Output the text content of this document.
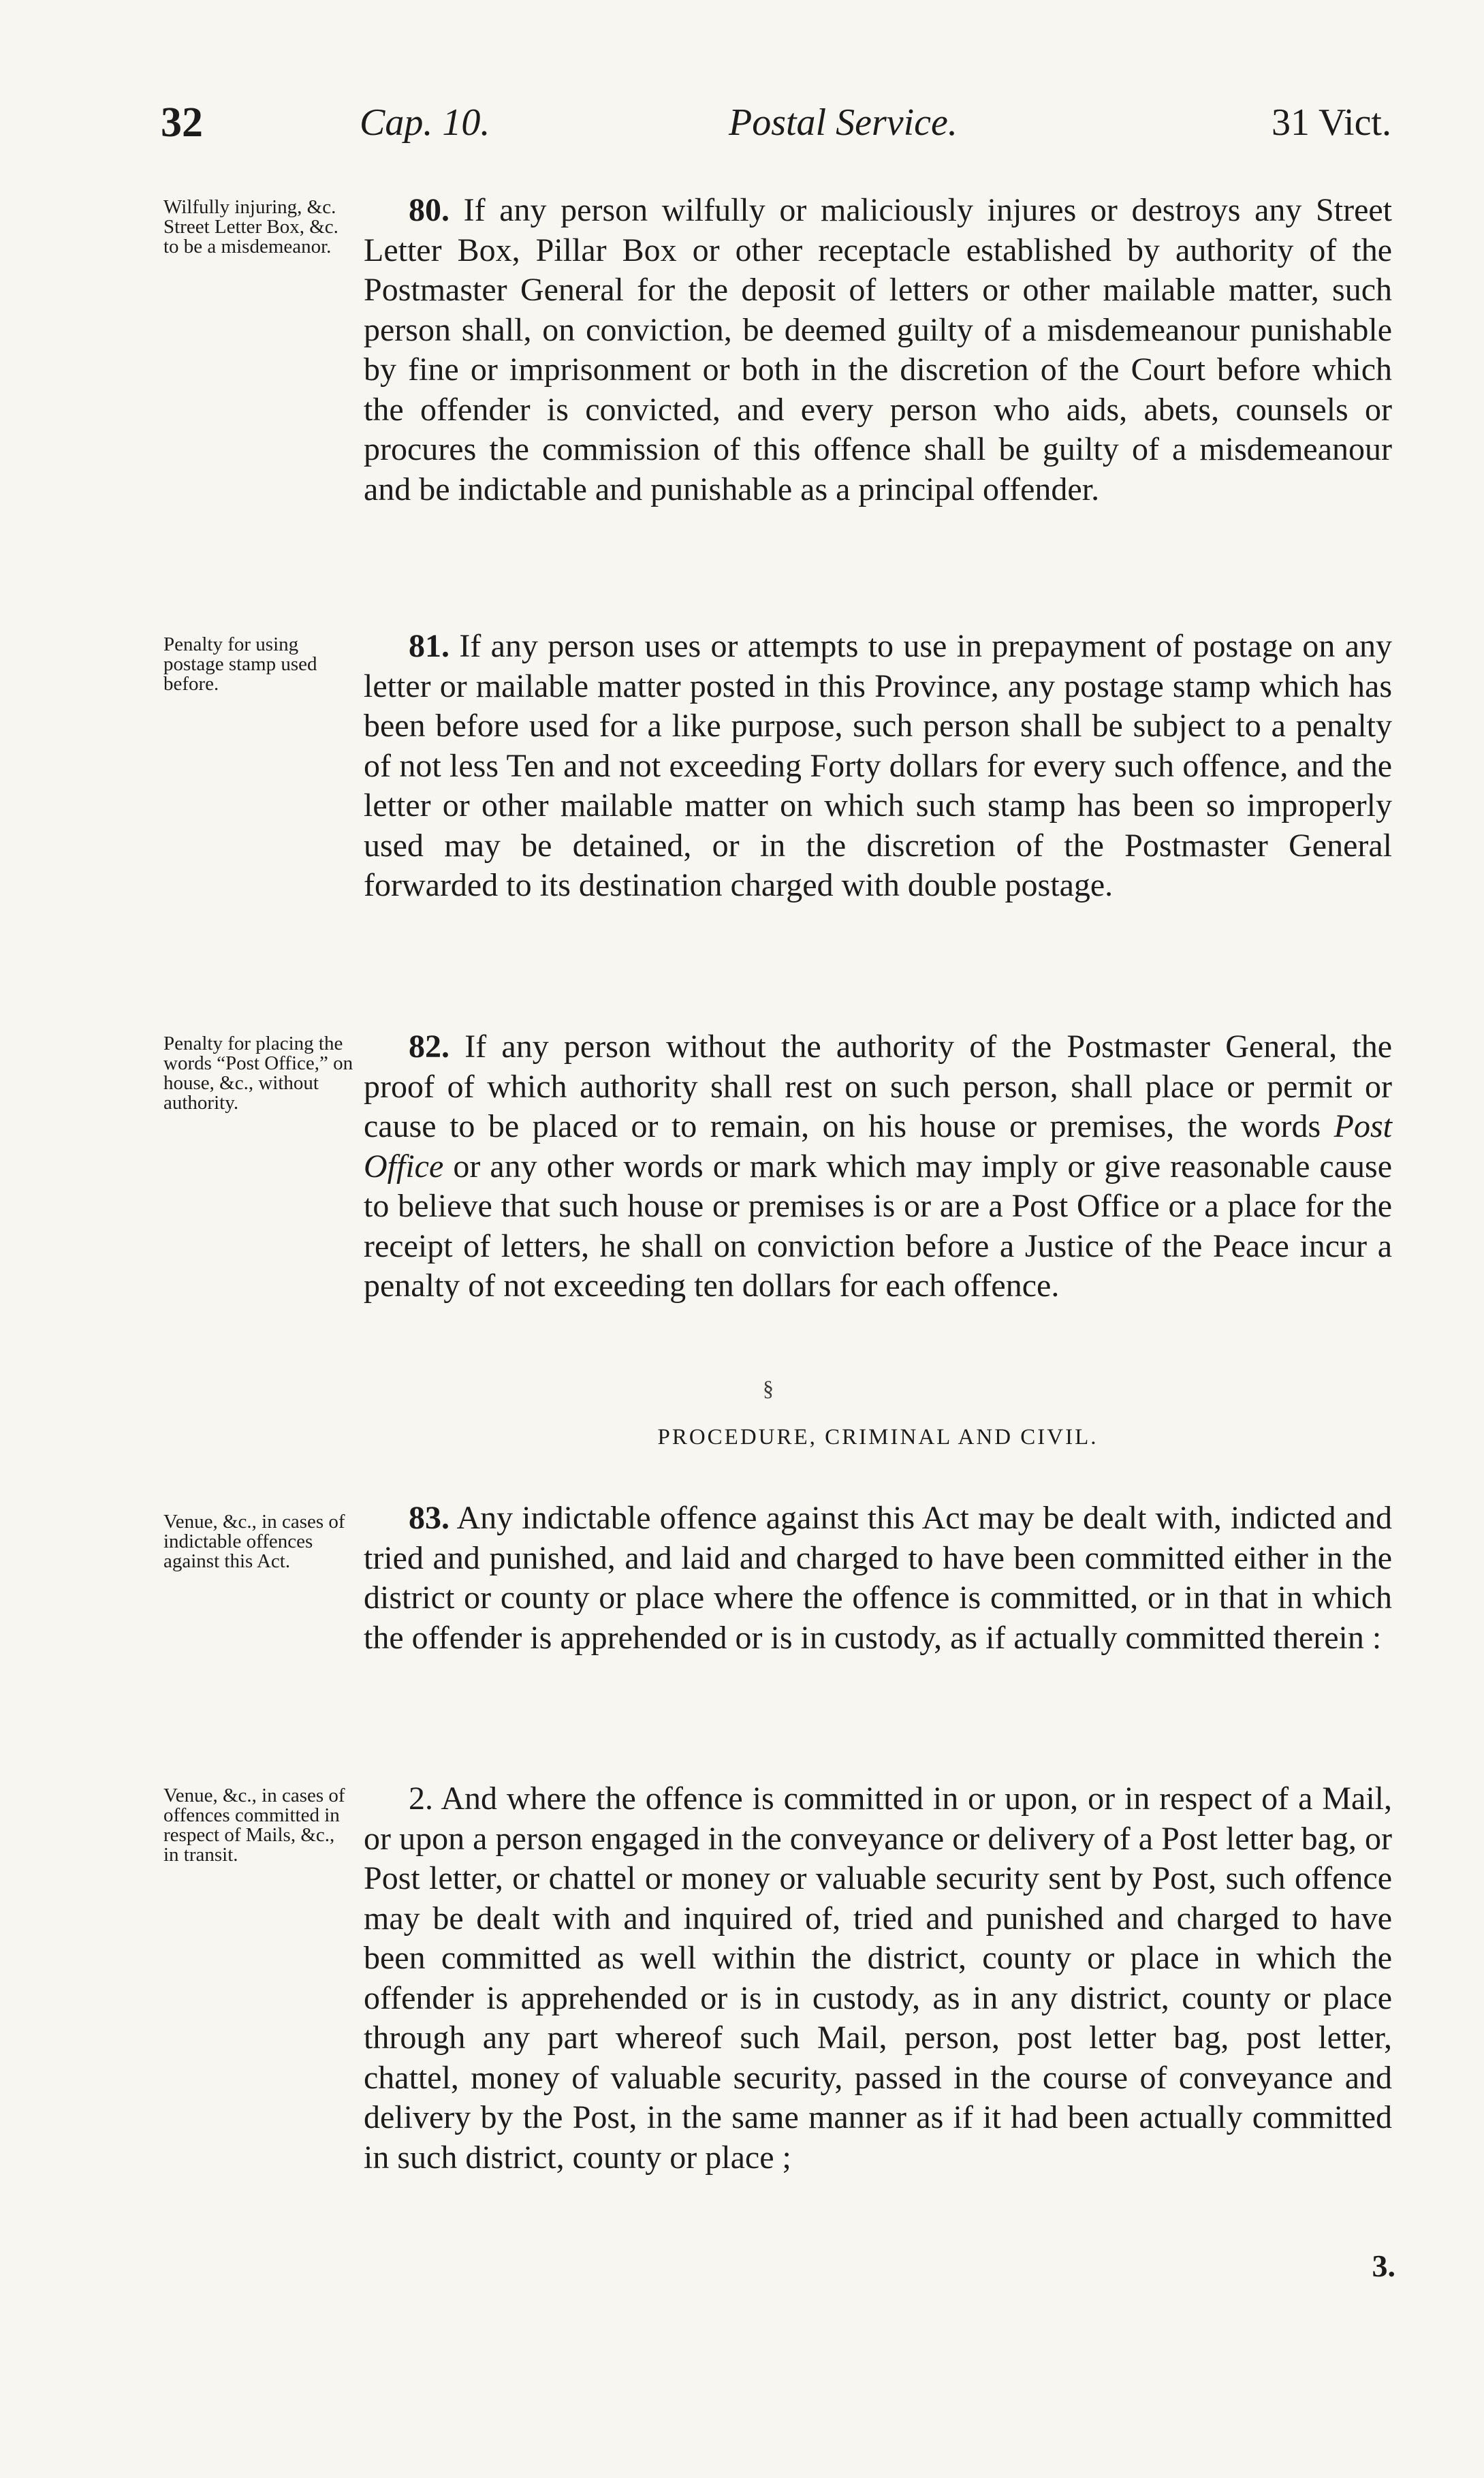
32	Cap. 10.	Postal Service.	31 Vict.
Wilfully injuring, &c. Street Letter Box, &c. to be a misdemeanor.
80. If any person wilfully or maliciously injures or destroys any Street Letter Box, Pillar Box or other receptacle established by authority of the Postmaster General for the deposit of letters or other mailable matter, such person shall, on conviction, be deemed guilty of a misdemeanour punishable by fine or imprisonment or both in the discretion of the Court before which the offender is convicted, and every person who aids, abets, counsels or procures the commission of this offence shall be guilty of a misdemeanour and be indictable and punishable as a principal offender.
Penalty for using postage stamp used before.
81. If any person uses or attempts to use in prepayment of postage on any letter or mailable matter posted in this Province, any postage stamp which has been before used for a like purpose, such person shall be subject to a penalty of not less Ten and not exceeding Forty dollars for every such offence, and the letter or other mailable matter on which such stamp has been so improperly used may be detained, or in the discretion of the Postmaster General forwarded to its destination charged with double postage.
Penalty for placing the words “Post Office,” on house, &c., without authority.
82. If any person without the authority of the Postmaster General, the proof of which authority shall rest on such person, shall place or permit or cause to be placed or to remain, on his house or premises, the words Post Office or any other words or mark which may imply or give reasonable cause to believe that such house or premises is or are a Post Office or a place for the receipt of letters, he shall on conviction before a Justice of the Peace incur a penalty of not exceeding ten dollars for each offence.
§
PROCEDURE, CRIMINAL AND CIVIL.
Venue, &c., in cases of indictable offences against this Act.
83. Any indictable offence against this Act may be dealt with, indicted and tried and punished, and laid and charged to have been committed either in the district or county or place where the offence is committed, or in that in which the offender is apprehended or is in custody, as if actually committed therein :
Venue, &c., in cases of offences committed in respect of Mails, &c., in transit.
2. And where the offence is committed in or upon, or in respect of a Mail, or upon a person engaged in the conveyance or delivery of a Post letter bag, or Post letter, or chattel or money or valuable security sent by Post, such offence may be dealt with and inquired of, tried and punished and charged to have been committed as well within the district, county or place in which the offender is apprehended or is in custody, as in any district, county or place through any part whereof such Mail, person, post letter bag, post letter, chattel, money of valuable security, passed in the course of conveyance and delivery by the Post, in the same manner as if it had been actually committed in such district, county or place ;
3.
